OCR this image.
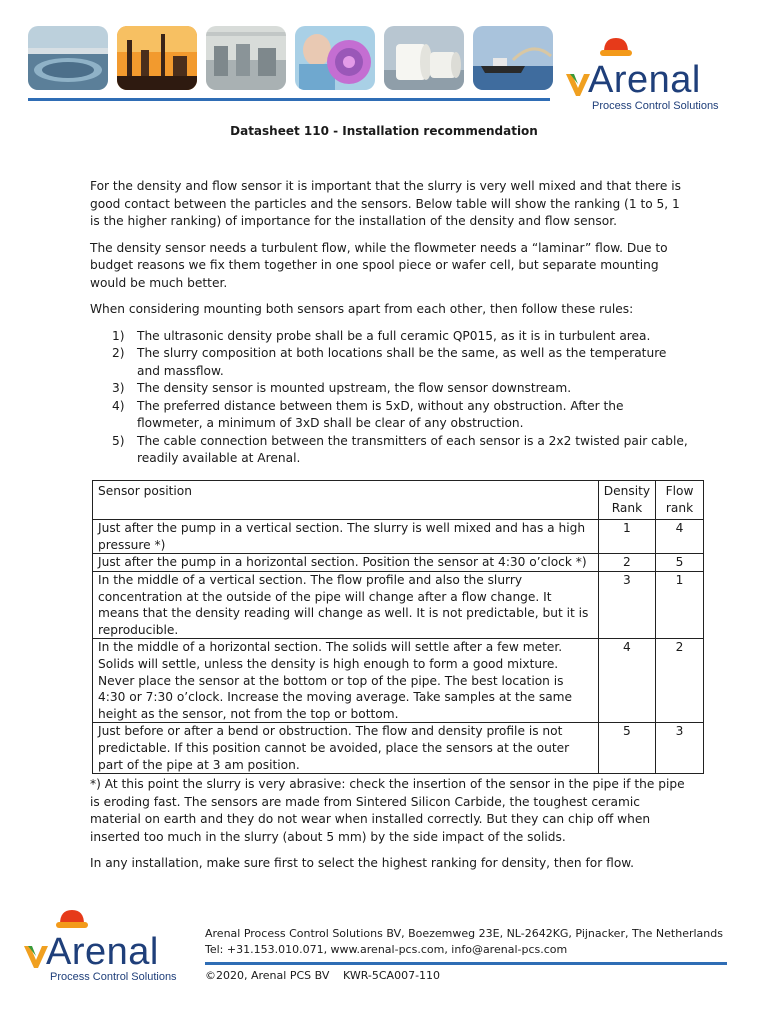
Arenal
Process Control Solutions
Datasheet 110 - Installation recommendation

For the density and flow sensor it is important that the slurry is very well mixed and that there is good contact between the particles and the sensors. Below table will show the ranking (1 to 5, 1 is the higher ranking) of importance for the installation of the density and flow sensor.

The density sensor needs a turbulent flow, while the flowmeter needs a “laminar” flow. Due to budget reasons we fix them together in one spool piece or wafer cell, but separate mounting would be much better.

When considering mounting both sensors apart from each other, then follow these rules:

1) The ultrasonic density probe shall be a full ceramic QP015, as it is in turbulent area.
2) The slurry composition at both locations shall be the same, as well as the temperature and massflow.
3) The density sensor is mounted upstream, the flow sensor downstream.
4) The preferred distance between them is 5xD, without any obstruction. After the flowmeter, a minimum of 3xD shall be clear of any obstruction.
5) The cable connection between the transmitters of each sensor is a 2x2 twisted pair cable, readily available at Arenal.
Sensor position	Density Rank	Flow rank
Just after the pump in a vertical section. The slurry is well mixed and has a high pressure *)	1	4
Just after the pump in a horizontal section. Position the sensor at 4:30 o’clock *)	2	5
In the middle of a vertical section. The flow profile and also the slurry concentration at the outside of the pipe will change after a flow change. It means that the density reading will change as well. It is not predictable, but it is reproducible.	3	1
In the middle of a horizontal section. The solids will settle after a few meter. Solids will settle, unless the density is high enough to form a good mixture. Never place the sensor at the bottom or top of the pipe. The best location is 4:30 or 7:30 o’clock. Increase the moving average. Take samples at the same height as the sensor, not from the top or bottom.	4	2
Just before or after a bend or obstruction. The flow and density profile is not predictable. If this position cannot be avoided, place the sensors at the outer part of the pipe at 3 am position.	5	3

*) At this point the slurry is very abrasive: check the insertion of the sensor in the pipe if the pipe is eroding fast. The sensors are made from Sintered Silicon Carbide, the toughest ceramic material on earth and they do not wear when installed correctly. But they can chip off when inserted too much in the slurry (about 5 mm) by the side impact of the solids.

In any installation, make sure first to select the highest ranking for density, then for flow.

Arenal
Process Control Solutions
Arenal Process Control Solutions BV, Boezemweg 23E, NL-2642KG, Pijnacker, The Netherlands
Tel: +31.153.010.071, www.arenal-pcs.com, info@arenal-pcs.com
©2020, Arenal PCS BV KWR-5CA007-110
